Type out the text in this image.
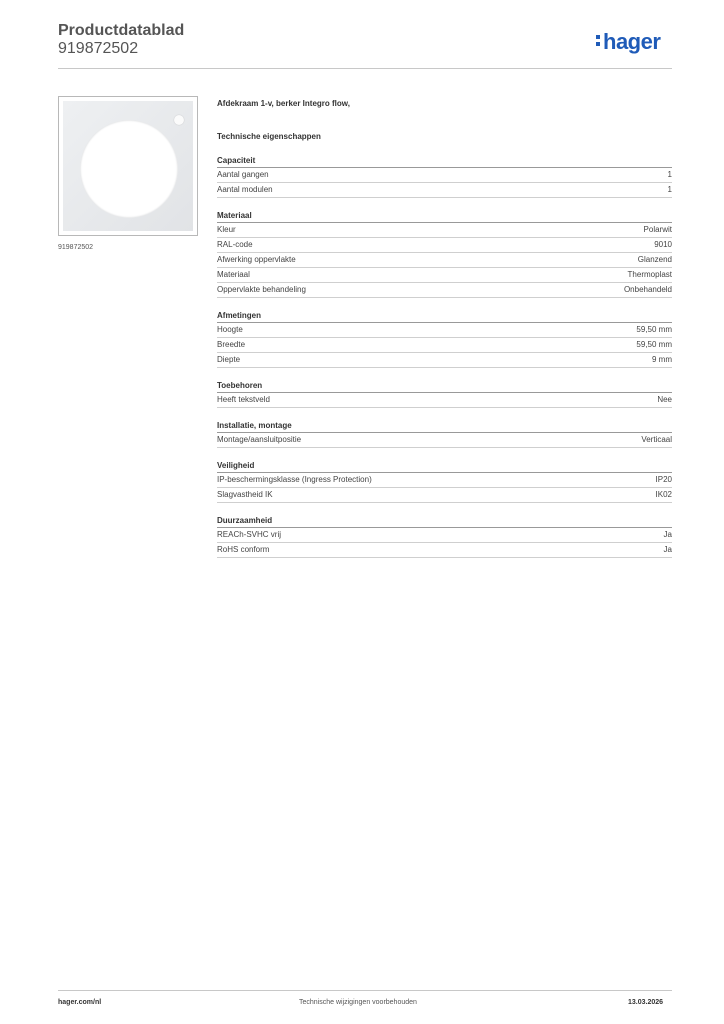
Productdatablad
919872502	hager
919872502
Afdekraam 1-v, berker Integro flow,
Technische eigenschappen
Capaciteit
Aantal gangen	1
Aantal modulen	1
Materiaal
Kleur	Polarwit
RAL-code	9010
Afwerking oppervlakte	Glanzend
Materiaal	Thermoplast
Oppervlakte behandeling	Onbehandeld
Afmetingen
Hoogte	59,50 mm
Breedte	59,50 mm
Diepte	9 mm
Toebehoren
Heeft tekstveld	Nee
Installatie, montage
Montage/aansluitpositie	Verticaal
Veiligheid
IP-beschermingsklasse (Ingress Protection)	IP20
Slagvastheid IK	IK02
Duurzaamheid
REACh-SVHC vrij	Ja
RoHS conform	Ja
hager.com/nl	Technische wijzigingen voorbehouden	13.03.2026
